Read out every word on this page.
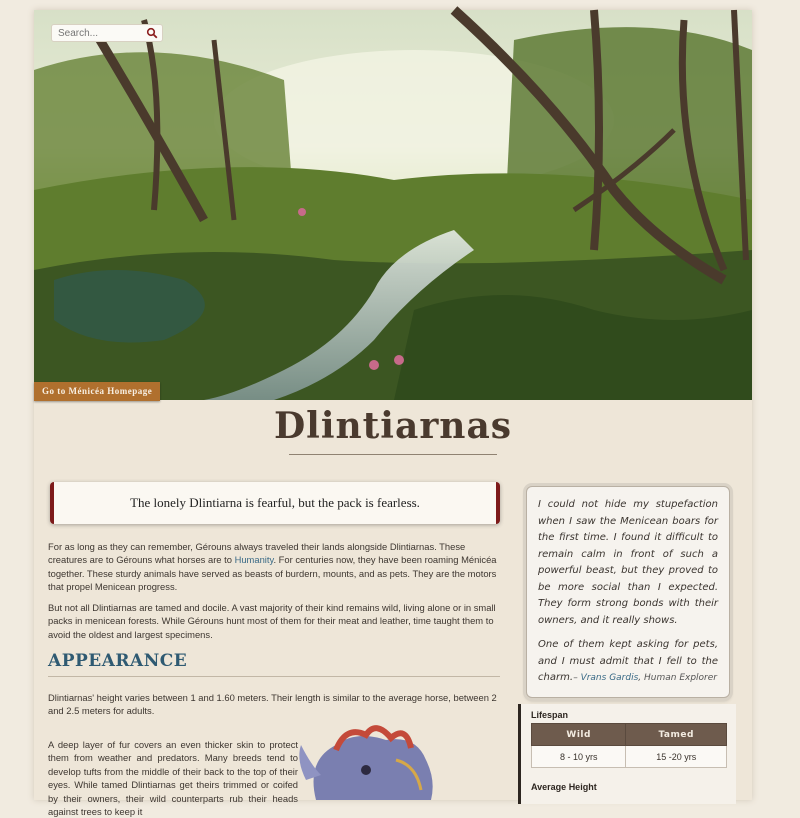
Search...
Go to Ménicéa Homepage
Dlintiarnas
The lonely Dlintiarna is fearful, but the pack is fearless.
For as long as they can remember, Gérouns always traveled their lands alongside Dlintiarnas. These creatures are to Gérouns what horses are to Humanity. For centuries now, they have been roaming Ménicéa together. These sturdy animals have served as beasts of burdern, mounts, and as pets. They are the motors that propel Menicean progress.
But not all Dlintiarnas are tamed and docile. A vast majority of their kind remains wild, living alone or in small packs in menicean forests. While Gérouns hunt most of them for their meat and leather, time taught them to avoid the oldest and largest specimens.
APPEARANCE
Dlintiarnas' height varies between 1 and 1.60 meters. Their length is similar to the average horse, between 2 and 2.5 meters for adults.
A deep layer of fur covers an even thicker skin to protect them from weather and predators. Many breeds tend to develop tufts from the middle of their back to the top of their eyes. While tamed Dlintiarnas get theirs trimmed or coifed by their owners, their wild counterparts rub their heads against trees to keep it

I could not hide my stupefaction when I saw the Menicean boars for the first time. I found it difficult to remain calm in front of such a powerful beast, but they proved to be more social than I expected. They form strong bonds with their owners, and it really shows.

One of them kept asking for pets, and I must admit that I fell to the charm. – Vrans Gardis, Human Explorer
Lifespan
Wild	Tamed
8 - 10 yrs	15 -20 yrs
Average Height
